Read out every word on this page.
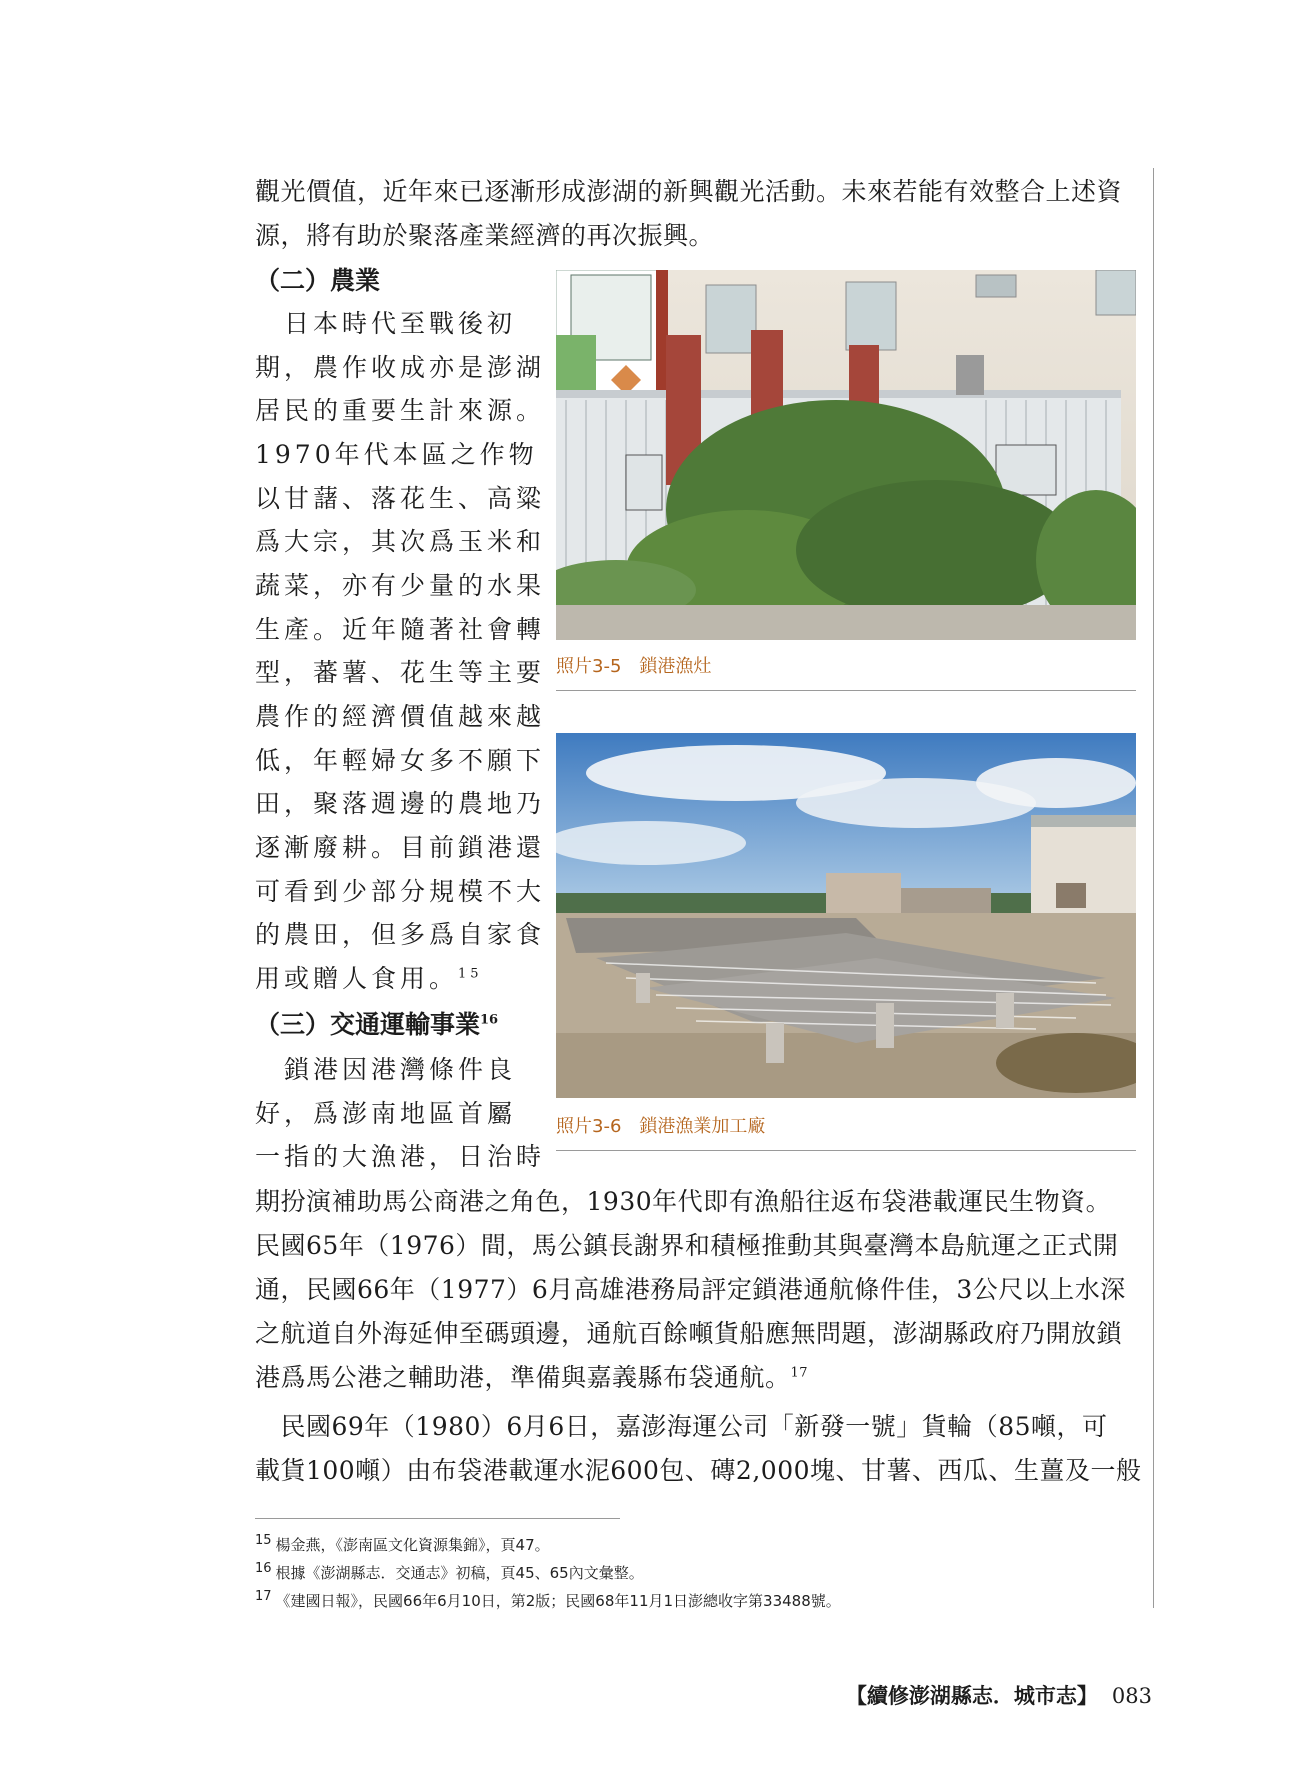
觀光價值，近年來已逐漸形成澎湖的新興觀光活動。未來若能有效整合上述資
源，將有助於聚落產業經濟的再次振興。
（二）農業
　日本時代至戰後初
期，農作收成亦是澎湖
居民的重要生計來源。
1970年代本區之作物
以甘藷、落花生、高粱
爲大宗，其次爲玉米和
蔬菜，亦有少量的水果
生產。近年隨著社會轉
型，蕃薯、花生等主要
農作的經濟價值越來越
低，年輕婦女多不願下
田，聚落週邊的農地乃
逐漸廢耕。目前鎖港還
可看到少部分規模不大
的農田，但多爲自家食
用或贈人食用。$^{15}$
（三）交通運輸事業$^{16}$
　鎖港因港灣條件良
好，爲澎南地區首屬
一指的大漁港，日治時
期扮演補助馬公商港之角色，1930年代即有漁船往返布袋港載運民生物資。
民國65年（1976）間，馬公鎮長謝界和積極推動其與臺灣本島航運之正式開
通，民國66年（1977）6月高雄港務局評定鎖港通航條件佳，3公尺以上水深
之航道自外海延伸至碼頭邊，通航百餘噸貨船應無問題，澎湖縣政府乃開放鎖
港爲馬公港之輔助港，準備與嘉義縣布袋通航。$^{17}$
　民國69年（1980）6月6日，嘉澎海運公司「新發一號」貨輪（85噸，可
載貨100噸）由布袋港載運水泥600包、磚2,000塊、甘薯、西瓜、生薑及一般
照片3-5 鎖港漁灶
照片3-6 鎖港漁業加工廠
15 楊金燕，《澎南區文化資源集錦》，頁47。
16 根據《澎湖縣志．交通志》初稿，頁45、65內文彙整。
17 《建國日報》，民國66年6月10日，第2版；民國68年11月1日澎總收字第33488號。
【續修澎湖縣志．城市志】 083
